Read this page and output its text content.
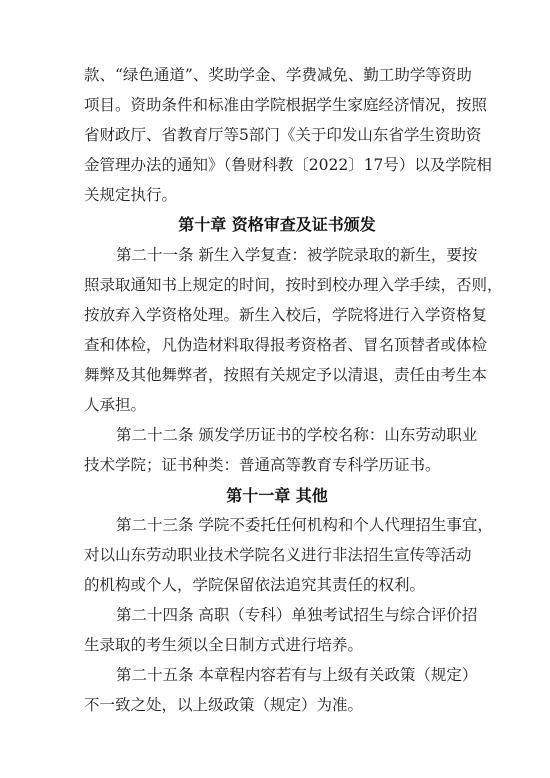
款、“绿色通道”、奖助学金、学费减免、勤工助学等资助
项目。资助条件和标准由学院根据学生家庭经济情况，按照
省财政厅、省教育厅等5部门《关于印发山东省学生资助资
金管理办法的通知》（鲁财科教〔2022〕17号）以及学院相
关规定执行。
第十章 资格审查及证书颁发
第二十一条 新生入学复查：被学院录取的新生，要按
照录取通知书上规定的时间，按时到校办理入学手续，否则，
按放弃入学资格处理。新生入校后，学院将进行入学资格复
查和体检，凡伪造材料取得报考资格者、冒名顶替者或体检
舞弊及其他舞弊者，按照有关规定予以清退，责任由考生本
人承担。
第二十二条 颁发学历证书的学校名称：山东劳动职业
技术学院；证书种类：普通高等教育专科学历证书。
第十一章 其他
第二十三条 学院不委托任何机构和个人代理招生事宜，
对以山东劳动职业技术学院名义进行非法招生宣传等活动
的机构或个人，学院保留依法追究其责任的权利。
第二十四条 高职（专科）单独考试招生与综合评价招
生录取的考生须以全日制方式进行培养。
第二十五条 本章程内容若有与上级有关政策（规定）
不一致之处，以上级政策（规定）为准。
